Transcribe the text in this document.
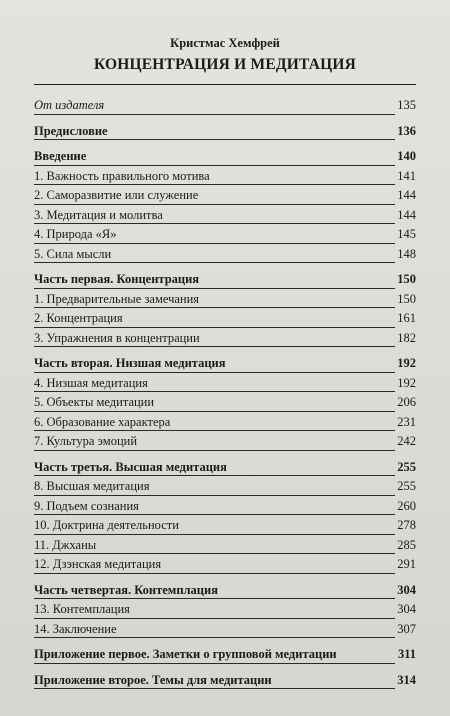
Кристмас Хемфрей
КОНЦЕНТРАЦИЯ И МЕДИТАЦИЯ
От издателя	135
Предисловие	136
Введение	140
1. Важность правильного мотива	141
2. Саморазвитие или служение	144
3. Медитация и молитва	144
4. Природа «Я»	145
5. Сила мысли	148
Часть первая. Концентрация	150
1. Предварительные замечания	150
2. Концентрация	161
3. Упражнения в концентрации	182
Часть вторая. Низшая медитация	192
4. Низшая медитация	192
5. Объекты медитации	206
6. Образование характера	231
7. Культура эмоций	242
Часть третья. Высшая медитация	255
8. Высшая медитация	255
9. Подъем сознания	260
10. Доктрина деятельности	278
11. Джханы	285
12. Дзэнская медитация	291
Часть четвертая. Контемплация	304
13. Контемплация	304
14. Заключение	307
Приложение первое. Заметки о групповой медитации	311
Приложение второе. Темы для медитации	314
